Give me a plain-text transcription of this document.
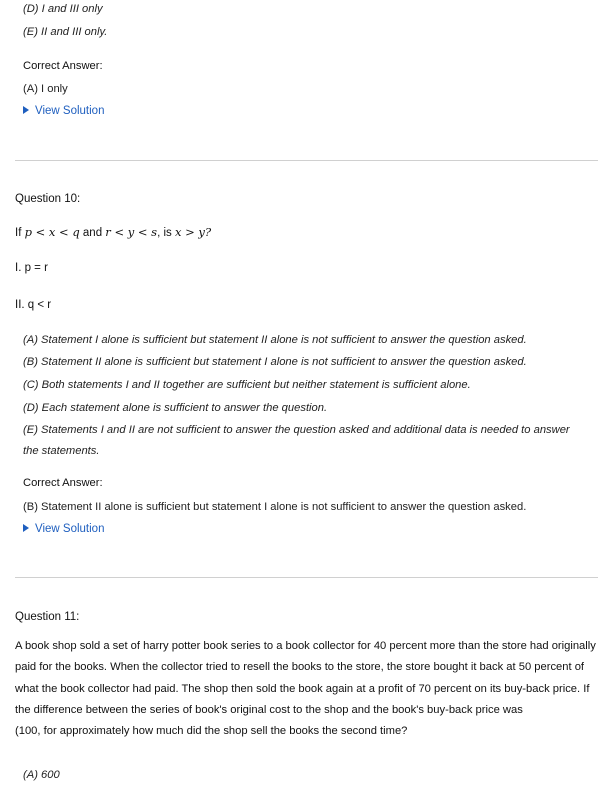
(D) I and III only
(E) II and III only.
Correct Answer:
(A) I only
View Solution
Question 10:
If p < x < q and r < y < s, is x > y?
I. p = r
II. q < r
(A) Statement I alone is sufficient but statement II alone is not sufficient to answer the question asked.
(B) Statement II alone is sufficient but statement I alone is not sufficient to answer the question asked.
(C) Both statements I and II together are sufficient but neither statement is sufficient alone.
(D) Each statement alone is sufficient to answer the question.
(E) Statements I and II are not sufficient to answer the question asked and additional data is needed to answer the statements.
Correct Answer:
(B) Statement II alone is sufficient but statement I alone is not sufficient to answer the question asked.
View Solution
Question 11:
A book shop sold a set of harry potter book series to a book collector for 40 percent more than the store had originally paid for the books. When the collector tried to resell the books to the store, the store bought it back at 50 percent of what the book collector had paid. The shop then sold the book again at a profit of 70 percent on its buy-back price. If the difference between the series of book's original cost to the shop and the book's buy-back price was
(100, for approximately how much did the shop sell the books the second time?
(A) 600
